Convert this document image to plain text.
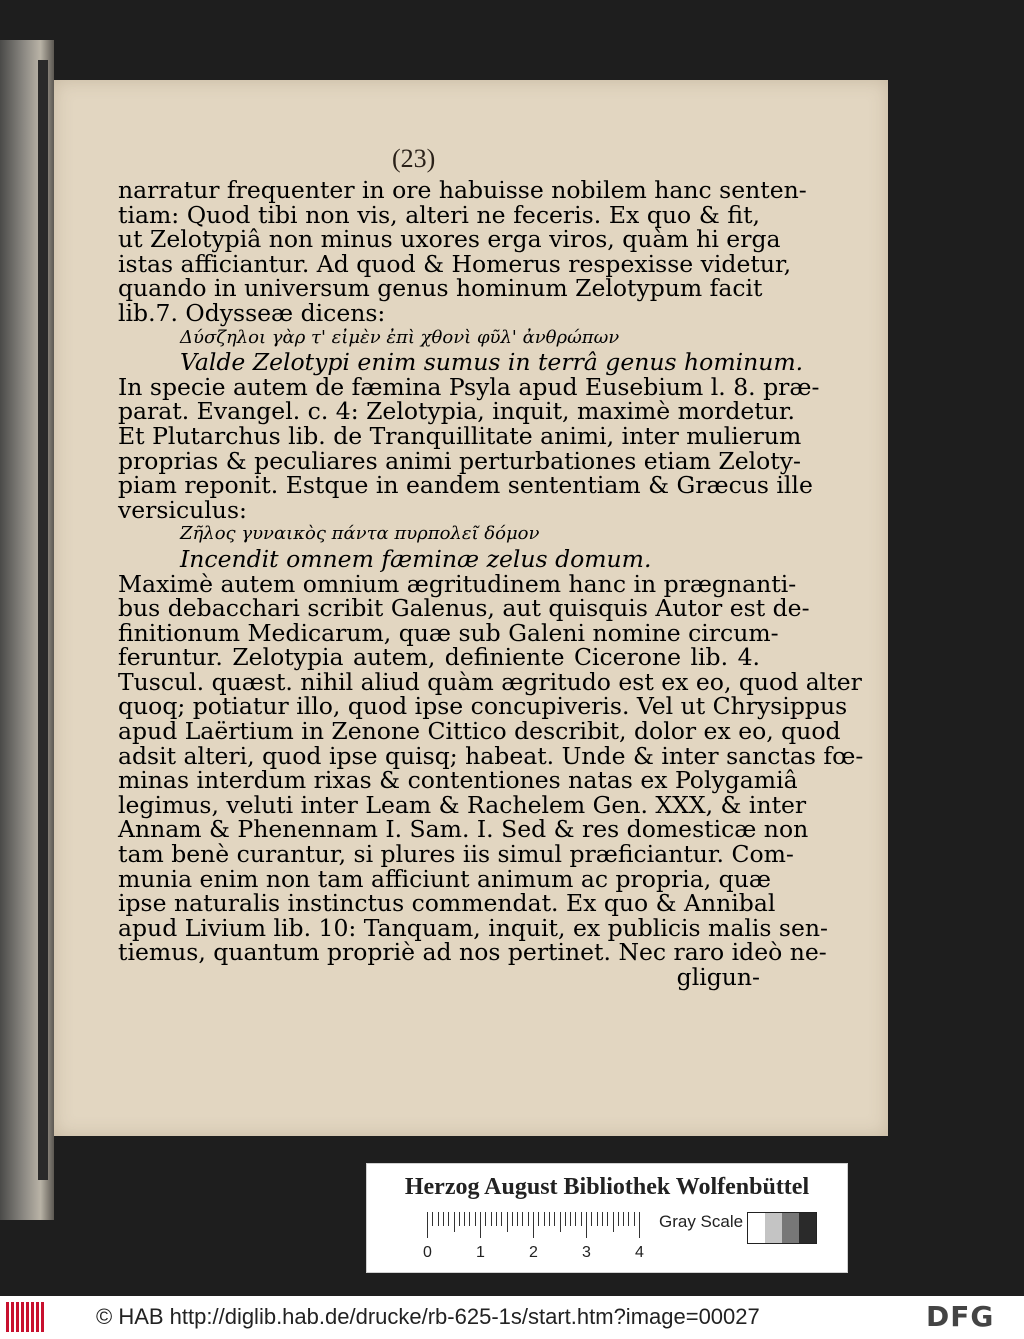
(23)
narratur frequenter in ore habuisse nobilem hanc senten-
tiam: Quod tibi non vis, alteri ne feceris. Ex quo & fit,
ut Zelotypiâ non minus uxores erga viros, quàm hi erga
istas afficiantur. Ad quod & Homerus respexisse videtur,
quando in universum genus hominum Zelotypum facit
lib.7. Odysseæ dicens:
Δύσζηλοι γὰρ τ' εἰμὲν ἐπὶ χθονὶ φῦλ' ἀνθρώπων
Valde Zelotypi enim sumus in terrâ genus hominum.
In specie autem de fæmina Psyla apud Eusebium l. 8. præ-
parat. Evangel. c. 4: Zelotypia, inquit, maximè mordetur.
Et Plutarchus lib. de Tranquillitate animi, inter mulierum
proprias & peculiares animi perturbationes etiam Zeloty-
piam reponit. Estque in eandem sententiam & Græcus ille
versiculus:
Ζῆλος γυναικὸς πάντα πυρπολεῖ δόμον
Incendit omnem fæminæ zelus domum.
Maximè autem omnium ægritudinem hanc in prægnanti-
bus debacchari scribit Galenus, aut quisquis Autor est de-
finitionum Medicarum, quæ sub Galeni nomine circum-
feruntur. Zelotypia autem, definiente Cicerone lib. 4.
Tuscul. quæst. nihil aliud quàm ægritudo est ex eo, quod alter
quoq; potiatur illo, quod ipse concupiveris. Vel ut Chrysippus
apud Laërtium in Zenone Cittico describit, dolor ex eo, quod
adsit alteri, quod ipse quisq; habeat. Unde & inter sanctas fœ-
minas interdum rixas & contentiones natas ex Polygamiâ
legimus, veluti inter Leam & Rachelem Gen. XXX, & inter
Annam & Phenennam I. Sam. I. Sed & res domesticæ non
tam benè curantur, si plures iis simul præficiantur. Com-
munia enim non tam afficiunt animum ac propria, quæ
ipse naturalis instinctus commendat. Ex quo & Annibal
apud Livium lib. 10: Tanquam, inquit, ex publicis malis sen-
tiemus, quantum propriè ad nos pertinet. Nec raro ideò ne-
gligun-
Herzog August Bibliothek Wolfenbüttel
0	1	2	3	4
Gray Scale
© HAB http://diglib.hab.de/drucke/rb-625-1s/start.htm?image=00027	DFG
